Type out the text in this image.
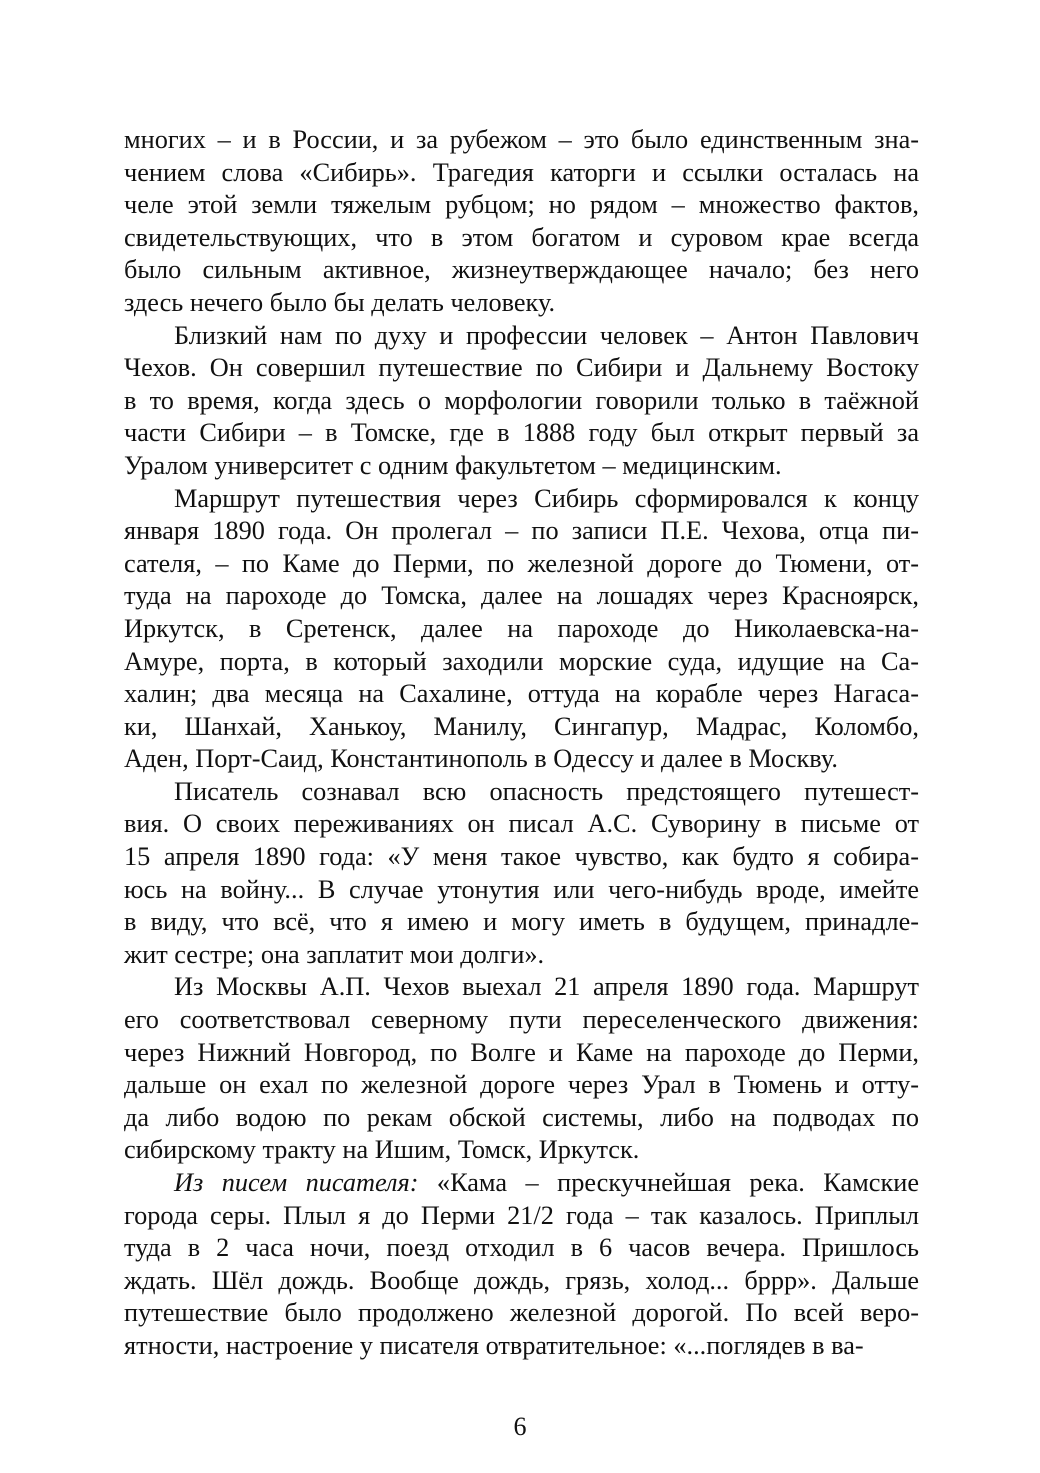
многих – и в России, и за рубежом – это было единственным зна-
чением слова «Сибирь». Трагедия каторги и ссылки осталась на
челе этой земли тяжелым рубцом; но рядом – множество фактов,
свидетельствующих, что в этом богатом и суровом крае всегда
было сильным активное, жизнеутверждающее начало; без него
здесь нечего было бы делать человеку.
Близкий нам по духу и профессии человек – Антон Павлович
Чехов. Он совершил путешествие по Сибири и Дальнему Востоку
в то время, когда здесь о морфологии говорили только в таёжной
части Сибири – в Томске, где в 1888 году был открыт первый за
Уралом университет с одним факультетом – медицинским.
Маршрут путешествия через Сибирь сформировался к концу
января 1890 года. Он пролегал – по записи П.Е. Чехова, отца пи-
сателя, – по Каме до Перми, по железной дороге до Тюмени, от-
туда на пароходе до Томска, далее на лошадях через Красноярск,
Иркутск, в Сретенск, далее на пароходе до Николаевска-на-
Амуре, порта, в который заходили морские суда, идущие на Са-
халин; два месяца на Сахалине, оттуда на корабле через Нагаса-
ки, Шанхай, Ханькоу, Манилу, Сингапур, Мадрас, Коломбо,
Аден, Порт-Саид, Константинополь в Одессу и далее в Москву.
Писатель сознавал всю опасность предстоящего путешест-
вия. О своих переживаниях он писал А.С. Суворину в письме от
15 апреля 1890 года: «У меня такое чувство, как будто я собира-
юсь на войну... В случае утонутия или чего-нибудь вроде, имейте
в виду, что всё, что я имею и могу иметь в будущем, принадле-
жит сестре; она заплатит мои долги».
Из Москвы А.П. Чехов выехал 21 апреля 1890 года. Маршрут
его соответствовал северному пути переселенческого движения:
через Нижний Новгород, по Волге и Каме на пароходе до Перми,
дальше он ехал по железной дороге через Урал в Тюмень и отту-
да либо водою по рекам обской системы, либо на подводах по
сибирскому тракту на Ишим, Томск, Иркутск.
Из писем писателя: «Кама – прескучнейшая река. Камские
города серы. Плыл я до Перми 21/2 года – так казалось. Приплыл
туда в 2 часа ночи, поезд отходил в 6 часов вечера. Пришлось
ждать. Шёл дождь. Вообще дождь, грязь, холод... бррр». Дальше
путешествие было продолжено железной дорогой. По всей веро-
ятности, настроение у писателя отвратительное: «...поглядев в ва-
6
